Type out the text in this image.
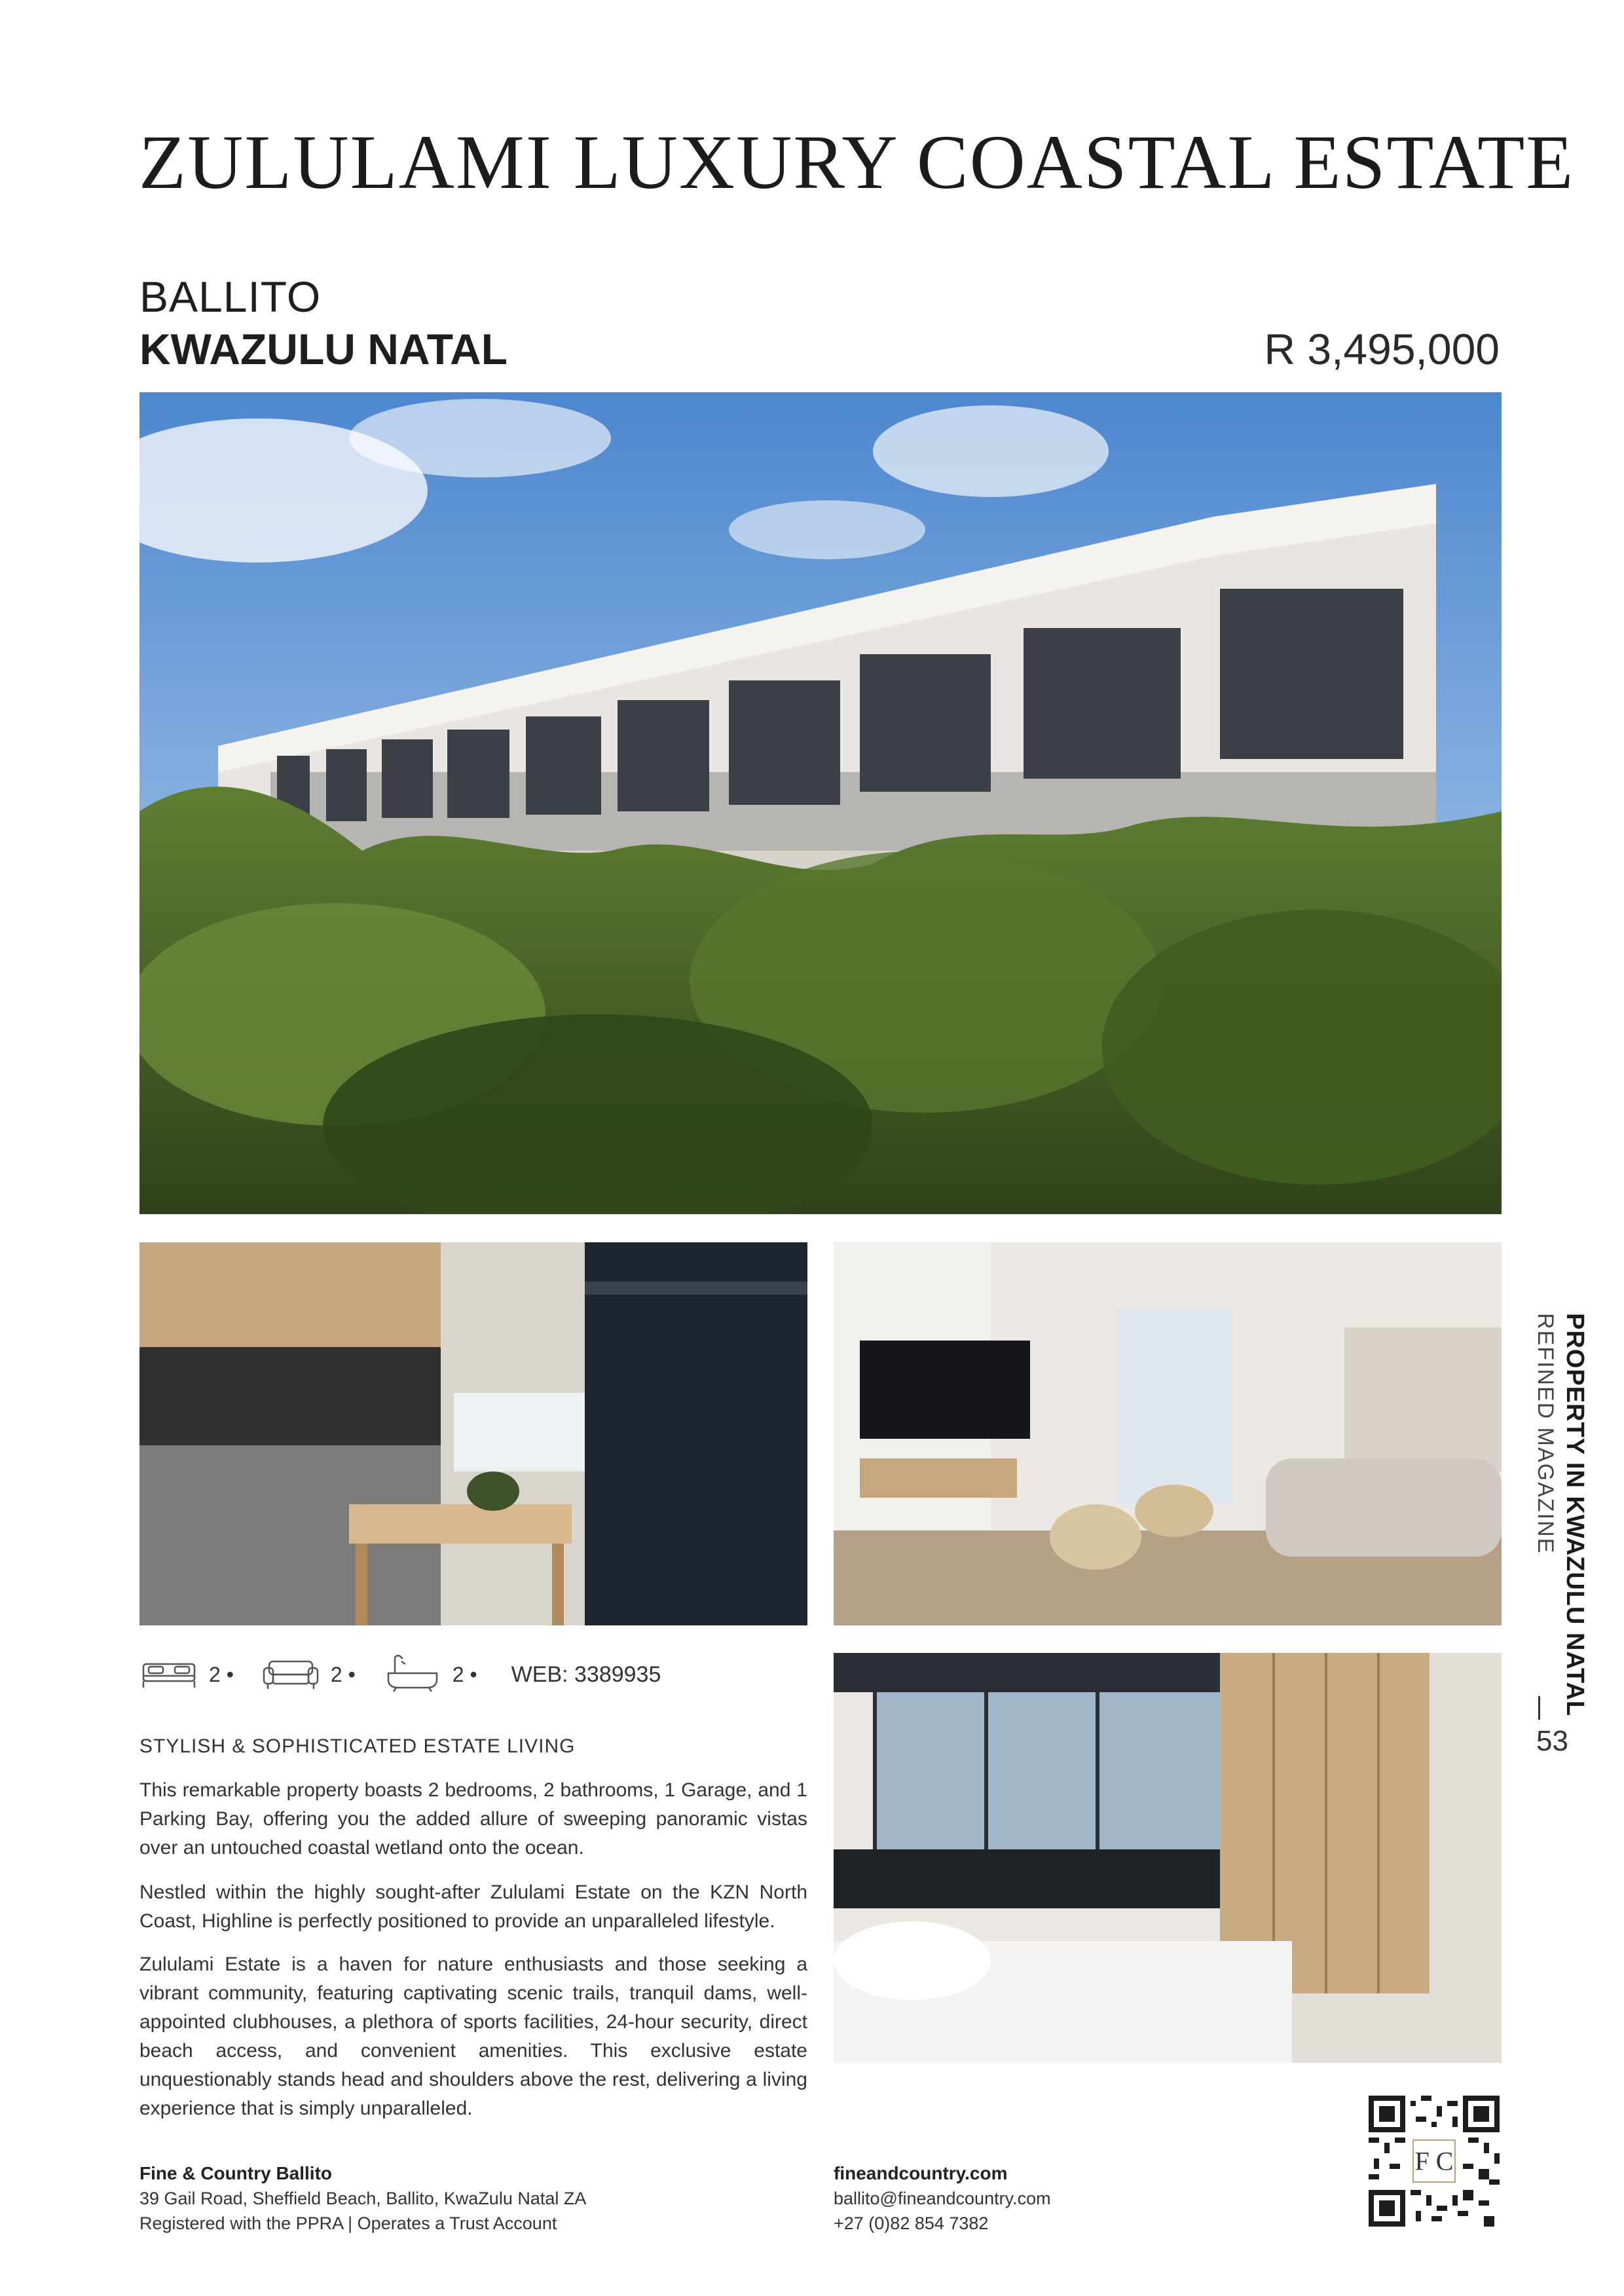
ZULULAMI LUXURY COASTAL ESTATE
BALLITO
KWAZULU NATAL	R 3,495,000
PROPERTY IN KWAZULU NATAL
REFINED MAGAZINE
53
2 •	2 •	2 • WEB: 3389935
STYLISH & SOPHISTICATED ESTATE LIVING
This remarkable property boasts 2 bedrooms, 2 bathrooms, 1 Garage, and 1 Parking Bay, offering you the added allure of sweeping panoramic vistas over an untouched coastal wetland onto the ocean.
Nestled within the highly sought-after Zululami Estate on the KZN North Coast, Highline is perfectly positioned to provide an unparalleled lifestyle.
Zululami Estate is a haven for nature enthusiasts and those seeking a vibrant community, featuring captivating scenic trails, tranquil dams, well-appointed clubhouses, a plethora of sports facilities, 24-hour security, direct beach access, and convenient amenities. This exclusive estate unquestionably stands head and shoulders above the rest, delivering a living experience that is simply unparalleled.
F C
Fine & Country Ballito
39 Gail Road, Sheffield Beach, Ballito, KwaZulu Natal ZA
Registered with the PPRA | Operates a Trust Account
fineandcountry.com
ballito@fineandcountry.com
+27 (0)82 854 7382
